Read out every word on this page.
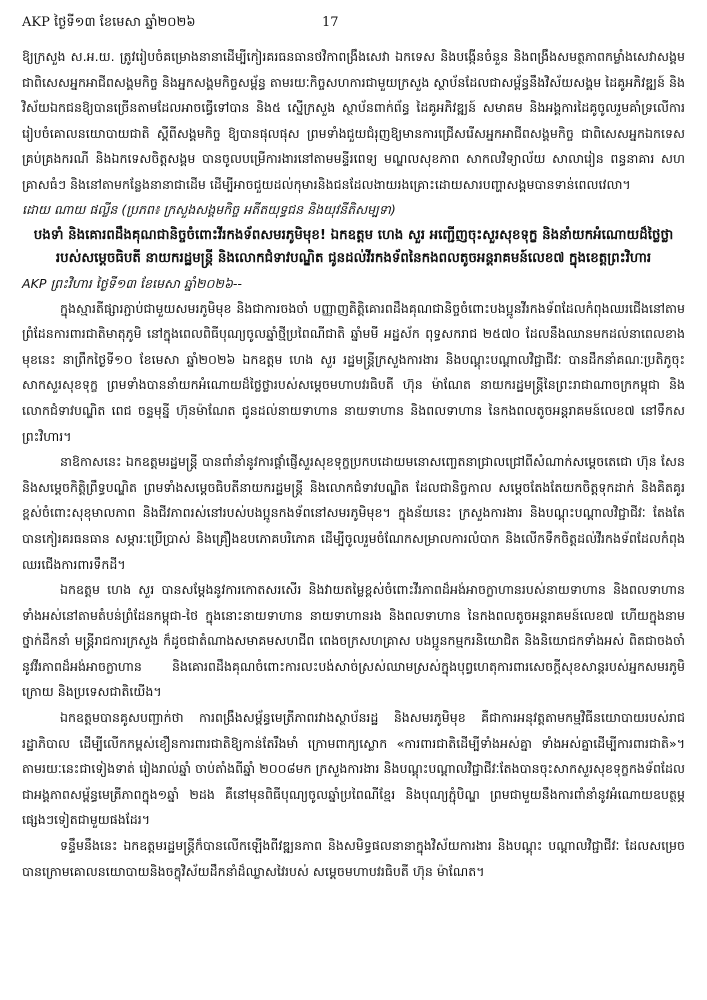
AKP ថ្ងៃទី១៣ ខែមេសា ឆ្នាំ២០២៦	17

ឱ្យក្រសួង ស.អ.យ. ត្រូវរៀបចំគម្រោងនានាដើម្បីកៀរគរធនធានថវិកាពង្រឹងសេវា ឯកទេស និងបង្កើនចំនួន និងពង្រឹងសមត្ថភាពកម្លាំងសេវាសង្គម ជាពិសេសអ្នកអាជីពសង្គមកិច្ច និងអ្នកសង្គមកិច្ចសម្ព័ន្ធ តាមរយៈកិច្ចសហការជាមួយក្រសួង ស្ថាប័នដែលជាសម្ព័ន្ធនឹងវិស័យសង្គម ដៃគូអភិវឌ្ឍន៍ និងវិស័យឯកជនឱ្យបានច្រើនតាមដែលអាចធ្វើទៅបាន និង៥ ស្នើក្រសួង ស្ថាប័នពាក់ព័ន្ធ ដៃគូអភិវឌ្ឍន៍ សមាគម និងអង្គការដៃគូចូលរួមគាំទ្រលើការរៀបចំគោលនយោបាយជាតិ ស្តីពីសង្គមកិច្ច ឱ្យបានផុលផុស ព្រមទាំងជួយជំរុញឱ្យមានការជ្រើសរើសអ្នកអាជីពសង្គមកិច្ច ជាពិសេសអ្នកឯកទេសគ្រប់គ្រងករណី និងឯកទេសចិត្តសង្គម បានចូលបម្រើការងារនៅតាមមន្ទីរពេទ្យ មណ្ឌលសុខភាព សាកលវិទ្យាល័យ សាលារៀន ពន្ធនាគារ សហគ្រាសធំៗ និងនៅតាមកន្លែងនានាជាដើម ដើម្បីអាចជួយដល់កុមារនិងជនដែលងាយរងគ្រោះដោយសារបញ្ហាសង្គមបានទាន់ពេលវេលា។

ដោយ ណាយ ផល្លីន (ប្រភព៖ ក្រសួងសង្គមកិច្ច អតីតយុទ្ធជន និងយុវនីតិសម្បទា)

បងទាំ និងគោរពដឹងគុណជានិច្ចចំពោះវីរកងទ័ពសមរភូមិមុខ! ឯកឧត្តម ហេង សួរ អញ្ជើញចុះសួរសុខទុក្ខ និងនាំយកអំណោយដ៏ថ្លៃថ្លារបស់សម្តេចធិបតី នាយករដ្ឋមន្ត្រី និងលោកជំទាវបណ្ឌិត ជូនដល់វីរកងទ័ពនៃកងពលតូចអន្តរាគមន៍លេខ៧ ក្នុងខេត្តព្រះវិហារ
AKP ព្រះវិហារ ថ្ងៃទី១៣ ខែមេសា ឆ្នាំ២០២៦--

ក្នុងស្មារតីផ្សារភ្ជាប់ជាមួយសមរភូមិមុខ និងជាការចងចាំ បញ្ញាញតិត្តិគោរពដឹងគុណជានិច្ចចំពោះបងប្អូនវីរកងទ័ពដែលកំពុងឈរជើងនៅតាមព្រំដែនការពារជាតិមាតុភូមិ នៅក្នុងពេលពិធីបុណ្យចូលឆ្នាំថ្មីប្រពៃណីជាតិ ឆ្នាំមមី អដ្ឋស័ក ពុទ្ធសករាជ ២៥៧០ ដែលនឹងឈានមកដល់នាពេលខាងមុខនេះ នាព្រឹកថ្ងៃទី១០ ខែមេសា ឆ្នាំ២០២៦ ឯកឧត្តម ហេង សួរ រដ្ឋមន្ត្រីក្រសួងការងារ និងបណ្តុះបណ្តាលវិជ្ជាជីវៈ បានដឹកនាំគណៈប្រតិភូចុះសាកសួរសុខទុក្ខ ព្រមទាំងបាននាំយកអំណោយដ៏ថ្លៃថ្លារបស់សម្តេចមហាបវរធិបតី ហ៊ុន ម៉ាណែត នាយករដ្ឋមន្ត្រីនៃព្រះរាជាណាចក្រកម្ពុជា និងលោកជំទាវបណ្ឌិត ពេជ ចន្ទមុន្នី ហ៊ុនម៉ាណែត ជូនដល់នាយទាហាន នាយទាហាន និងពលទាហាន នៃកងពលតូចអន្តរាគមន៍លេខ៧ នៅទឹកសព្រះវិហារ។

នាឱកាសនេះ ឯកឧត្តមរដ្ឋមន្ត្រី បានពាំនាំនូវការផ្តាំផ្ញើសួរសុខទុក្ខប្រកបដោយមនោសញ្ចេតនាជ្រាលជ្រៅពីសំណាក់សម្តេចតេជោ ហ៊ុន សែន និងសម្តេចកិត្តិព្រឹទ្ធបណ្ឌិត ព្រមទាំងសម្តេចធិបតីនាយករដ្ឋមន្ត្រី និងលោកជំទាវបណ្ឌិត ដែលជានិច្ចកាល សម្តេចតែងតែយកចិត្តទុកដាក់ និងគិតគូរខ្ពស់ចំពោះសុខុមាលភាព និងជីវភាពរស់នៅរបស់បងប្អូនកងទ័ពនៅសមរភូមិមុខ។ ក្នុងន័យនេះ ក្រសួងការងារ និងបណ្តុះបណ្តាលវិជ្ជាជីវៈ តែងតែបានកៀរគរធនធាន សម្ភារៈប្រើប្រាស់ និងគ្រឿងឧបភោគបរិភោគ ដើម្បីចូលរួមចំណែកសម្រាលការលំបាក និងលើកទឹកចិត្តដល់វីរកងទ័ពដែលកំពុងឈរជើងការពារទឹកដី។

ឯកឧត្តម ហេង សួរ បានសម្តែងនូវការកោតសរសើរ និងវាយតម្លៃខ្ពស់ចំពោះវីរភាពដ៏អង់អាចក្លាហានរបស់នាយទាហាន និងពលទាហានទាំងអស់នៅតាមតំបន់ព្រំដែនកម្ពុជា-ថៃ ក្នុងនោះនាយទាហាន នាយទាហានរង និងពលទាហាន នៃកងពលតូចអន្តរាគមន៍លេខ៧ ហើយក្នុងនាមថ្នាក់ដឹកនាំ មន្ត្រីរាជការក្រសួង ក៏ដូចជាតំណាងសមាគមសហជីព ពេងចក្រសហគ្រាស បងប្អូនកម្មករនិយោជិត និងនិយោជកទាំងអស់ ពិតជាចងចាំនូវវីរភាពដ៏អង់អាចក្លាហាន និងគោរពដឹងគុណចំពោះការលះបង់សាច់ស្រស់ឈាមស្រស់ក្នុងបុព្វហេតុការពារសេចក្តីសុខសាន្តរបស់អ្នកសមរភូមិក្រោយ និងប្រទេសជាតិយើង។

ឯកឧត្តមបានគូសបញ្ជាក់ថា ការពង្រឹងសម្ព័ន្ធមេត្រីភាពរវាងស្ថាប័នរដ្ឋ និងសមរភូមិមុខ គឺជាការអនុវត្តតាមកម្មវិធីនយោបាយរបស់រាជរដ្ឋាភិបាល ដើម្បីលើកកម្ពស់ខឿនការពារជាតិឱ្យកាន់តែរឹងមាំ ក្រោមពាក្យស្លោក «ការពារជាតិដើម្បីទាំងអស់គ្នា ទាំងអស់គ្នាដើម្បីការពារជាតិ»។ តាមរយៈនេះជាទៀងទាត់ រៀងរាល់ឆ្នាំ ចាប់តាំងពីឆ្នាំ ២០០៨មក ក្រសួងការងារ និងបណ្តុះបណ្តាលវិជ្ជាជីវៈតែងបានចុះសាកសួរសុខទុក្ខកងទ័ពដែលជាអង្គភាពសម្ព័ន្ធមេត្រីភាពក្នុង១ឆ្នាំ ២ដង គឺនៅមុនពិធីបុណ្យចូលឆ្នាំប្រពៃណីខ្មែរ និងបុណ្យភ្ជុំបិណ្ឌ ព្រមជាមួយនឹងការពាំនាំនូវអំណោយឧបត្ថម្ភផ្សេងៗទៀតជាមួយផងដែរ។

ទន្ទឹមនឹងនេះ ឯកឧត្តមរដ្ឋមន្ត្រីក៏បានលើកឡើងពីវឌ្ឍនភាព និងសមិទ្ធផលនានាក្នុងវិស័យការងារ និងបណ្តុះ បណ្តាលវិជ្ជាជីវៈ ដែលសម្រេចបានក្រោមគោលនយោបាយនិងចក្ខុវិស័យដឹកនាំដ៏ឈ្លាសវៃរបស់ សម្តេចមហាបវរធិបតី ហ៊ុន ម៉ាណែត។
